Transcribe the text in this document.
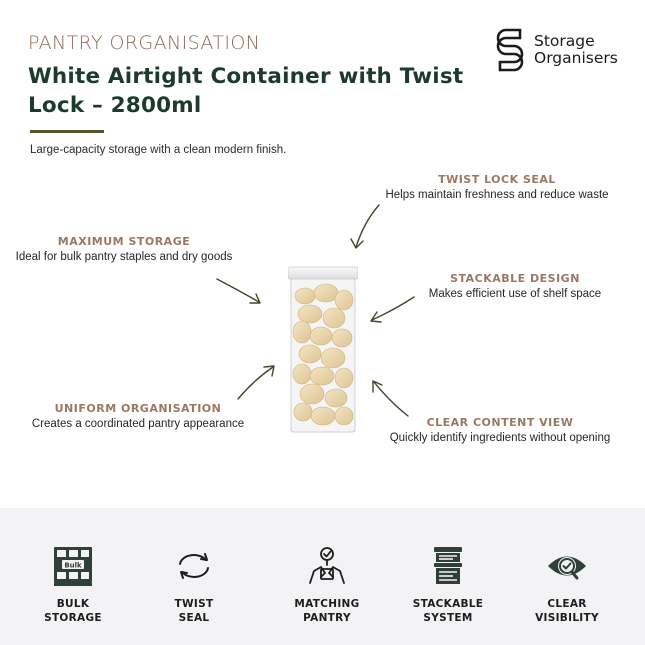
PANTRY ORGANISATION
White Airtight Container with Twist Lock – 2800ml

Large-capacity storage with a clean modern finish.

Storage
Organisers
TWIST LOCK SEAL
Helps maintain freshness and reduce waste
MAXIMUM STORAGE
Ideal for bulk pantry staples and dry goods
STACKABLE DESIGN
Makes efficient use of shelf space
UNIFORM ORGANISATION
Creates a coordinated pantry appearance	CLEAR CONTENT VIEW
Quickly identify ingredients without opening
Bulk
BULK
STORAGE
TWIST
SEAL
MATCHING
PANTRY
STACKABLE
SYSTEM
CLEAR
VISIBILITY
